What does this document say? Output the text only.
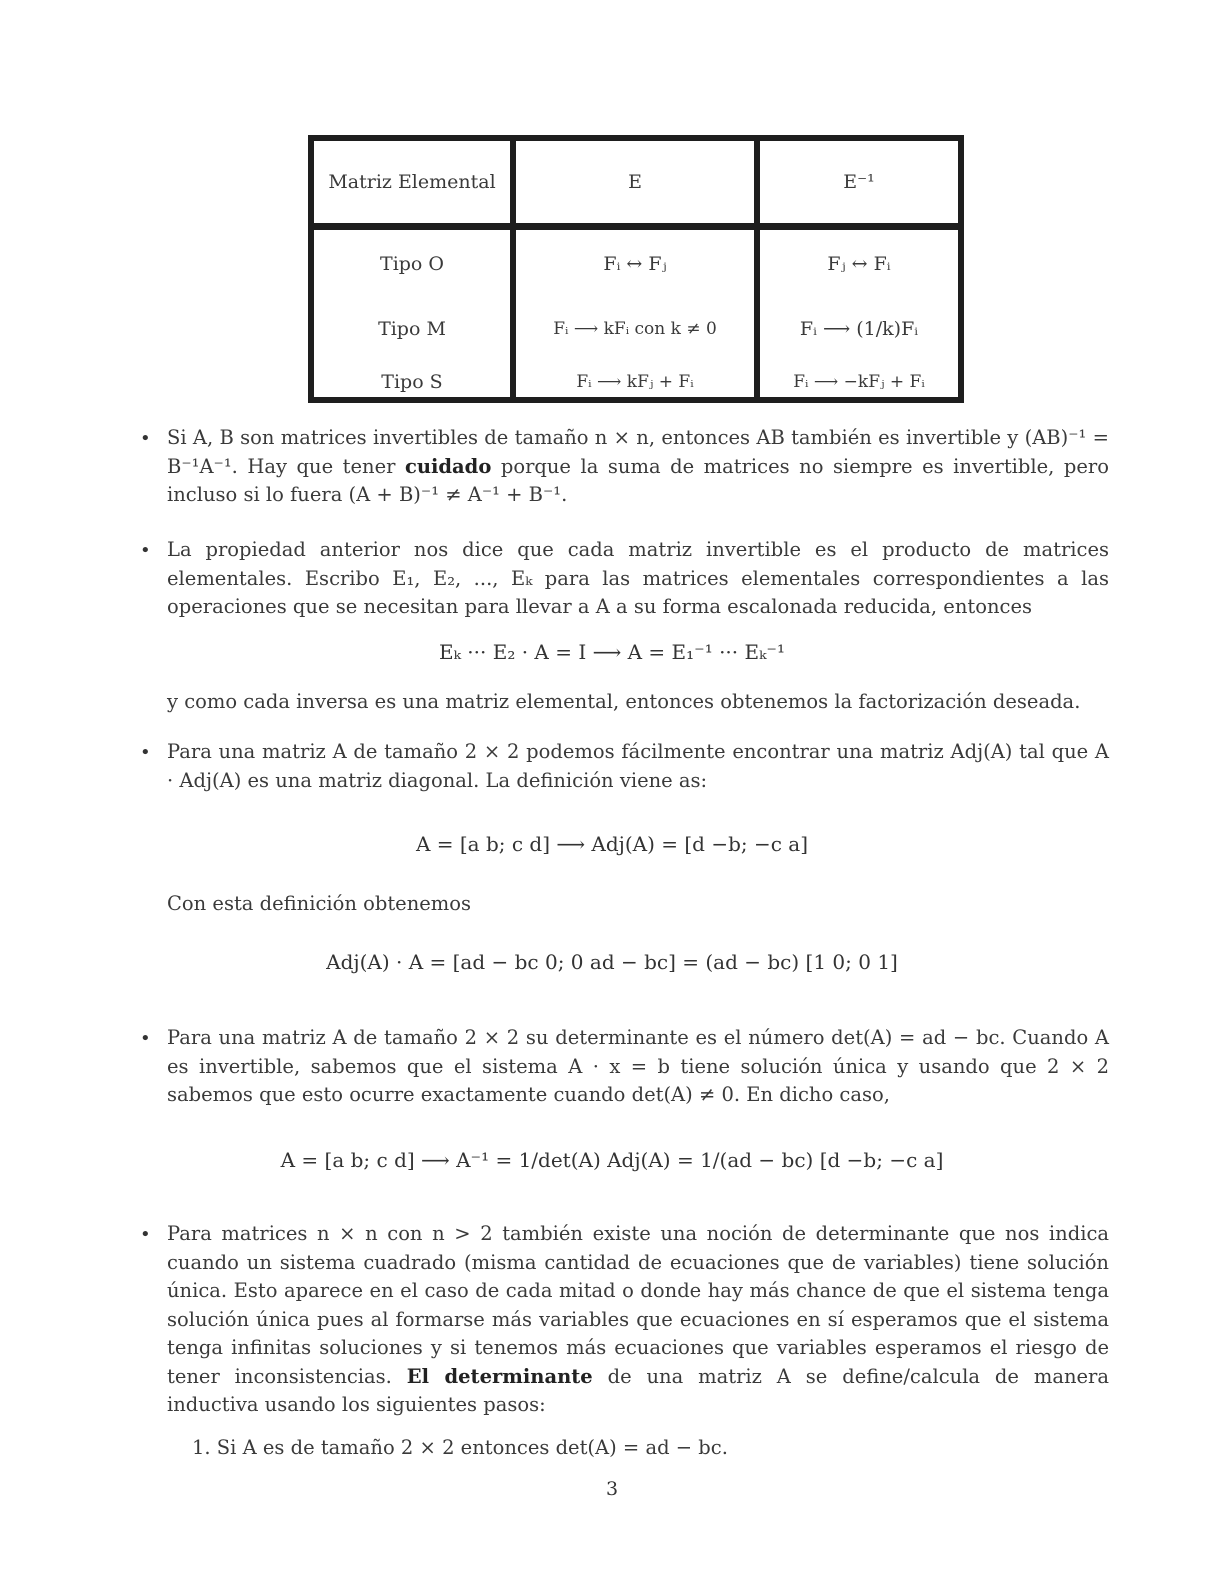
Matriz Elemental	E	E⁻¹
Tipo O	Fᵢ ↔ Fⱼ	Fⱼ ↔ Fᵢ
Tipo M	Fᵢ ⟶ kFᵢ con k ≠ 0	Fᵢ ⟶ (1/k)Fᵢ
Tipo S	Fᵢ ⟶ kFⱼ + Fᵢ	Fᵢ ⟶ −kFⱼ + Fᵢ
• Si A, B son matrices invertibles de tamaño n × n, entonces AB también es invertible y (AB)⁻¹ = B⁻¹A⁻¹. Hay que tener cuidado porque la suma de matrices no siempre es invertible, pero incluso si lo fuera (A + B)⁻¹ ≠ A⁻¹ + B⁻¹.
• La propiedad anterior nos dice que cada matriz invertible es el producto de matrices elementales. Escribo E₁, E₂, ..., Eₖ para las matrices elementales correspondientes a las operaciones que se necesitan para llevar a A a su forma escalonada reducida, entonces
Eₖ ··· E₂ · A = I ⟶ A = E₁⁻¹ ··· Eₖ⁻¹
y como cada inversa es una matriz elemental, entonces obtenemos la factorización deseada.
• Para una matriz A de tamaño 2 × 2 podemos fácilmente encontrar una matriz Adj(A) tal que A · Adj(A) es una matriz diagonal. La definición viene as:
A = [a b; c d] ⟶ Adj(A) = [d −b; −c a]
Con esta definición obtenemos
Adj(A) · A = [ad − bc 0; 0 ad − bc] = (ad − bc) [1 0; 0 1]
• Para una matriz A de tamaño 2 × 2 su determinante es el número det(A) = ad − bc. Cuando A es invertible, sabemos que el sistema A · x = b tiene solución única y usando que 2 × 2 sabemos que esto ocurre exactamente cuando det(A) ≠ 0. En dicho caso,
A = [a b; c d] ⟶ A⁻¹ = 1/det(A) Adj(A) = 1/(ad − bc) [d −b; −c a]
• Para matrices n × n con n > 2 también existe una noción de determinante que nos indica cuando un sistema cuadrado (misma cantidad de ecuaciones que de variables) tiene solución única. Esto aparece en el caso de cada mitad o donde hay más chance de que el sistema tenga solución única pues al formarse más variables que ecuaciones en sí esperamos que el sistema tenga infinitas soluciones y si tenemos más ecuaciones que variables esperamos el riesgo de tener inconsistencias. El determinante de una matriz A se define/calcula de manera inductiva usando los siguientes pasos:
1. Si A es de tamaño 2 × 2 entonces det(A) = ad − bc.
3
